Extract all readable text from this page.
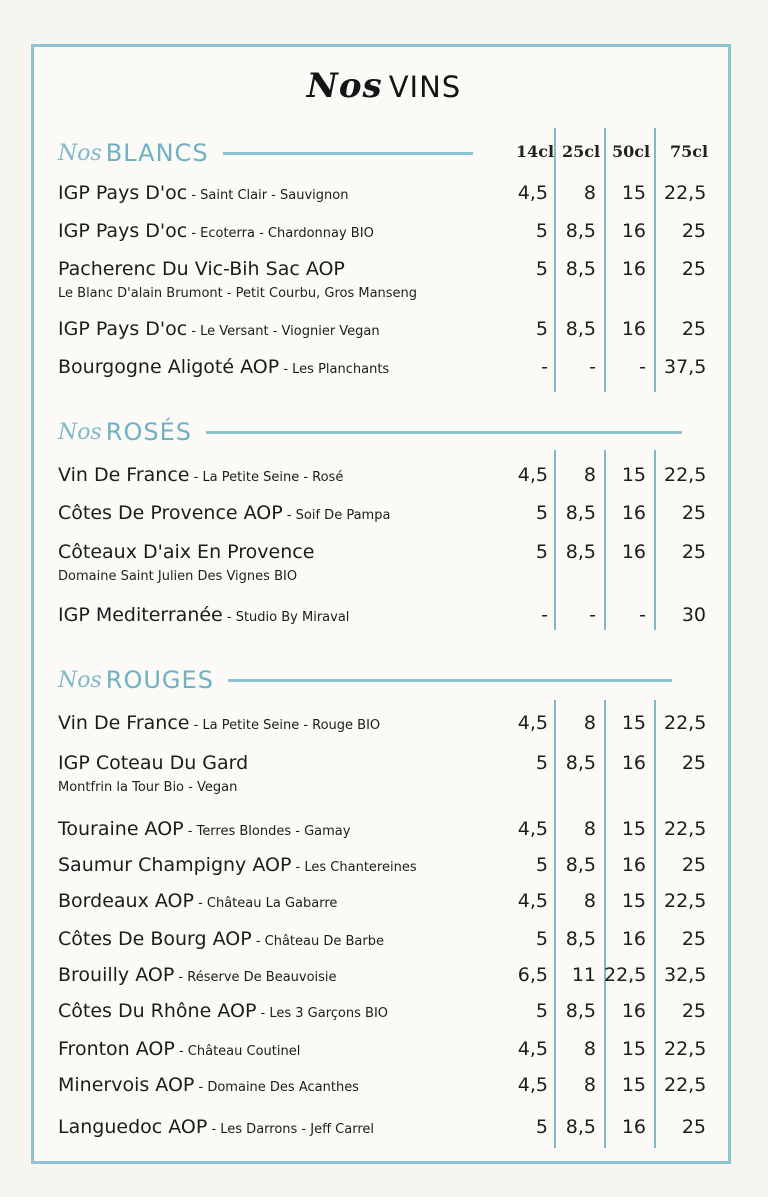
Nos VINS
14cl 25cl 50cl	75cl
Nos BLANCS
Nos ROSÉS
Nos ROUGES
IGP Pays D'oc - Saint Clair - Sauvignon	4,5	8	15 22,5
IGP Pays D'oc - Ecoterra - Chardonnay BIO	5 8,5	16	25
Pacherenc Du Vic-Bih Sac AOP
Le Blanc D'alain Brumont - Petit Courbu, Gros Manseng
5 8,5	16	25
IGP Pays D'oc - Le Versant - Viognier Vegan	5 8,5	16	25
Bourgogne Aligoté AOP - Les Planchants	-	-	- 37,5
Vin De France - La Petite Seine - Rosé	4,5	8	15 22,5
Côtes De Provence AOP - Soif De Pampa	5 8,5	16	25
Côteaux D'aix En Provence
Domaine Saint Julien Des Vignes BIO
5 8,5	16	25
IGP Mediterranée - Studio By Miraval	-	-	-	30
Vin De France - La Petite Seine - Rouge BIO	4,5	8	15 22,5
IGP Coteau Du Gard
Montfrin la Tour Bio - Vegan
5 8,5	16	25
Touraine AOP - Terres Blondes - Gamay	4,5	8	15 22,5
Saumur Champigny AOP - Les Chantereines	5 8,5	16	25
Bordeaux AOP - Château La Gabarre	4,5	8	15 22,5
Côtes De Bourg AOP - Château De Barbe	5 8,5	16	25
Brouilly AOP - Réserve De Beauvoisie	6,5	11 22,5 32,5
Côtes Du Rhône AOP - Les 3 Garçons BIO	5 8,5	16	25
Fronton AOP - Château Coutinel	4,5	8	15 22,5
Minervois AOP - Domaine Des Acanthes	4,5	8	15 22,5
Languedoc AOP - Les Darrons - Jeff Carrel	5 8,5	16	25
